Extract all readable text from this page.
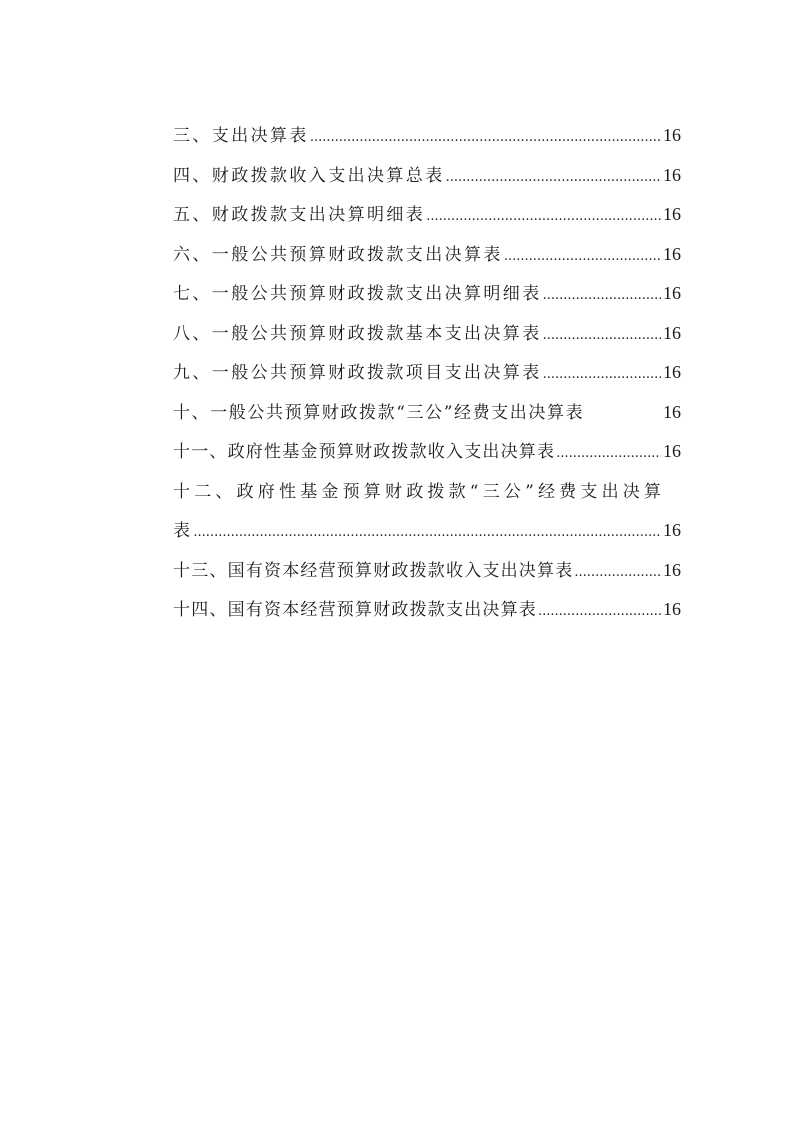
三、支出决算表 .....	16
四、财政拨款收入支出决算总表 .....	16
五、财政拨款支出决算明细表 .....	16
六、一般公共预算财政拨款支出决算表 .....	16
七、一般公共预算财政拨款支出决算明细表 .....	16
八、一般公共预算财政拨款基本支出决算表 .....	16
九、一般公共预算财政拨款项目支出决算表 .....	16
十、一般公共预算财政拨款“三公”经费支出决算表	16
十一、政府性基金预算财政拨款收入支出决算表 .....	16
十二、政府性基金预算财政拨款“三公”经费支出决算
表 .....	16
十三、国有资本经营预算财政拨款收入支出决算表 .....	16
十四、国有资本经营预算财政拨款支出决算表 .....	16
